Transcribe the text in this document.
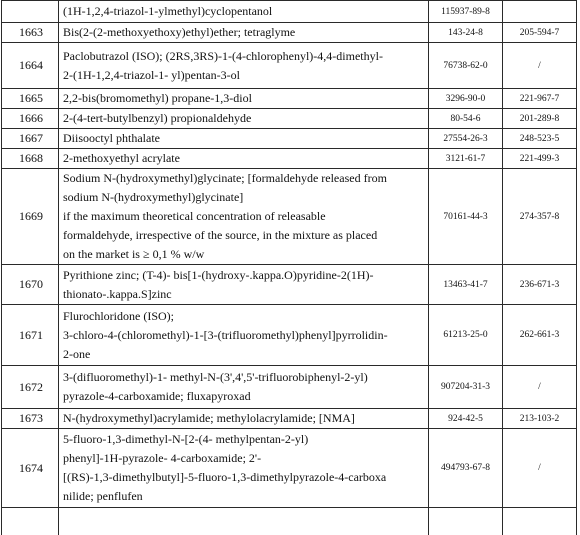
	(1H-1,2,4-triazol-1-ylmethyl)cyclopentanol	115937-89-8	
1663	Bis(2-(2-methoxyethoxy)ethyl)ether; tetraglyme	143-24-8	205-594-7
1664	Paclobutrazol (ISO); (2RS,3RS)-1-(4-chlorophenyl)-4,4-dimethyl-
2-(1H-1,2,4-triazol-1- yl)pentan-3-ol	76738-62-0	/
1665	2,2-bis(bromomethyl) propane-1,3-diol	3296-90-0	221-967-7
1666	2-(4-tert-butylbenzyl) propionaldehyde	80-54-6	201-289-8
1667	Diisooctyl phthalate	27554-26-3	248-523-5
1668	2-methoxyethyl acrylate	3121-61-7	221-499-3
1669	Sodium N-(hydroxymethyl)glycinate; [formaldehyde released from
sodium N-(hydroxymethyl)glycinate]
if the maximum theoretical concentration of releasable
formaldehyde, irrespective of the source, in the mixture as placed
on the market is ≥ 0,1 % w/w	70161-44-3	274-357-8
1670	Pyrithione zinc; (T-4)- bis[1-(hydroxy-.kappa.O)pyridine-2(1H)-
thionato-.kappa.S]zinc	13463-41-7	236-671-3
1671	Flurochloridone (ISO);
3-chloro-4-(chloromethyl)-1-[3-(trifluoromethyl)phenyl]pyrrolidin-
2-one	61213-25-0	262-661-3
1672	3-(difluoromethyl)-1- methyl-N-(3',4',5'-trifluorobiphenyl-2-yl)
pyrazole-4-carboxamide; fluxapyroxad	907204-31-3	/
1673	N-(hydroxymethyl)acrylamide; methylolacrylamide; [NMA]	924-42-5	213-103-2
1674	5-fluoro-1,3-dimethyl-N-[2-(4- methylpentan-2-yl)
phenyl]-1H-pyrazole- 4-carboxamide; 2'-
[(RS)-1,3-dimethylbutyl]-5-fluoro-1,3-dimethylpyrazole-4-carboxa
nilide; penflufen	494793-67-8	/
